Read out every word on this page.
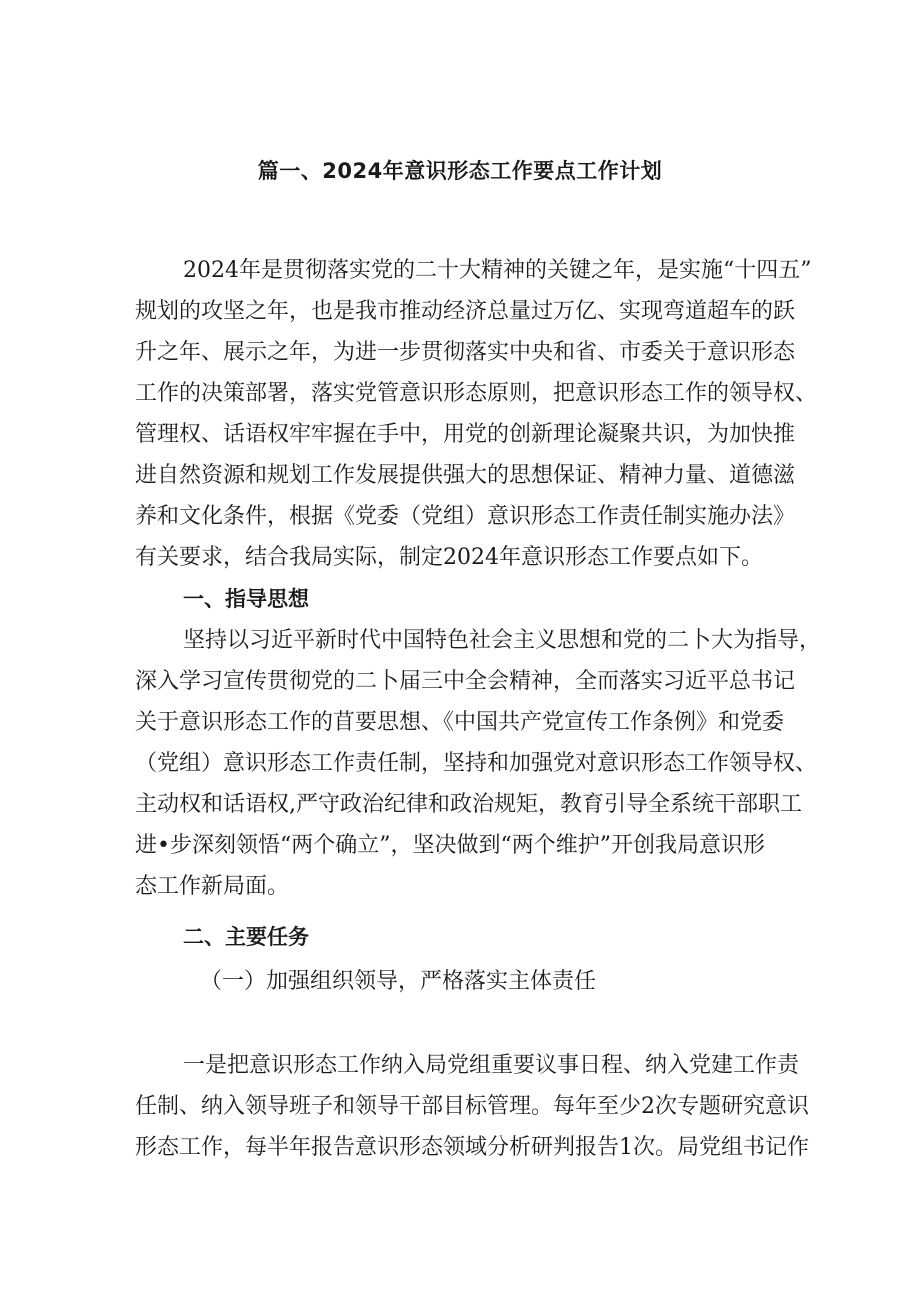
篇一、2024年意识形态工作要点工作计划

2024年是贯彻落实党的二十大精神的关键之年，是实施“十四五”

规划的攻坚之年，也是我市推动经济总量过万亿、实现弯道超车的跃

升之年、展示之年，为进一步贯彻落实中央和省、市委关于意识形态

工作的决策部署，落实党管意识形态原则，把意识形态工作的领导权、

管理权、话语权牢牢握在手中，用党的创新理论凝聚共识，为加快推

进自然资源和规划工作发展提供强大的思想保证、精神力量、道德滋

养和文化条件，根据《党委（党组）意识形态工作责任制实施办法》

有关要求，结合我局实际，制定2024年意识形态工作要点如下。

一、指导思想

坚持以习近平新时代中国特色社会主义思想和党的二卜大为指导，

深入学习宣传贯彻党的二卜届三中全会精神，全而落实习近平总书记

关于意识形态工作的苜要思想、《中国共产党宣传工作条例》和党委

（党组）意识形态工作责任制，坚持和加强党对意识形态工作领导权、

主动权和话语权,严守政治纪律和政治规矩，教育引导全系统干部职工

进•步深刻领悟“两个确立”，坚决做到“两个维护”开创我局意识形

态工作新局面。

二、主要任务

（一）加强组织领导，严格落实主体责任

一是把意识形态工作纳入局党组重要议事日程、纳入党建工作责

任制、纳入领导班子和领导干部目标管理。每年至少2次专题研究意识

形态工作，每半年报告意识形态领域分析研判报告1次。局党组书记作
